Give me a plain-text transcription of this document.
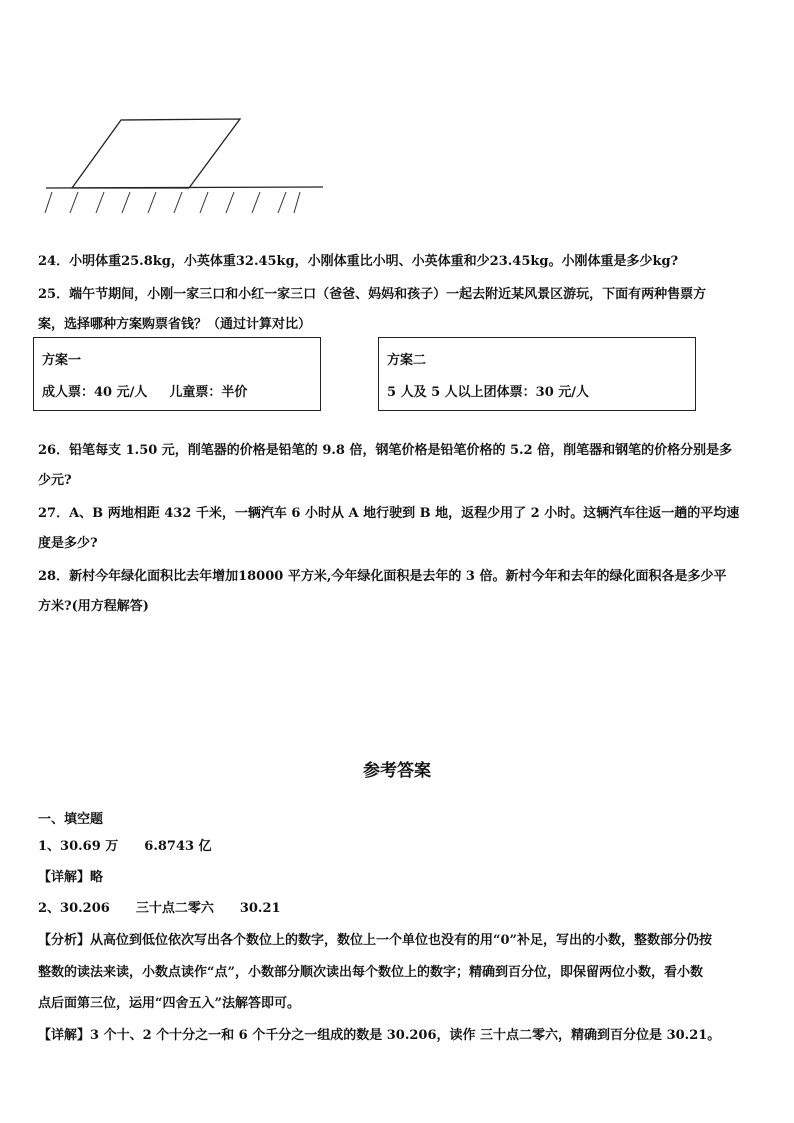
24．小明体重25.8kg，小英体重32.45kg，小刚体重比小明、小英体重和少23.45kg。小刚体重是多少kg?
25．端午节期间，小刚一家三口和小红一家三口（爸爸、妈妈和孩子）一起去附近某风景区游玩，下面有两种售票方
案，选择哪种方案购票省钱？（通过计算对比）
方案一
成人票：40 元/人 儿童票：半价
方案二
5 人及 5 人以上团体票：30 元/人
26．铅笔每支 1.50 元，削笔器的价格是铅笔的 9.8 倍，钢笔价格是铅笔价格的 5.2 倍，削笔器和钢笔的价格分别是多
少元?
27．A、B 两地相距 432 千米，一辆汽车 6 小时从 A 地行驶到 B 地，返程少用了 2 小时。这辆汽车往返一趟的平均速
度是多少?
28．新村今年绿化面积比去年增加18000 平方米,今年绿化面积是去年的 3 倍。新村今年和去年的绿化面积各是多少平
方米?(用方程解答)
参考答案
一、填空题
1、30.69 万 6.8743 亿
【详解】略
2、30.206 三十点二零六 30.21
【分析】从高位到低位依次写出各个数位上的数字，数位上一个单位也没有的用“0”补足，写出的小数，整数部分仍按
整数的读法来读，小数点读作“点”，小数部分顺次读出每个数位上的数字；精确到百分位，即保留两位小数，看小数
点后面第三位，运用“四舍五入”法解答即可。
【详解】3 个十、2 个十分之一和 6 个千分之一组成的数是 30.206，读作 三十点二零六，精确到百分位是 30.21。
